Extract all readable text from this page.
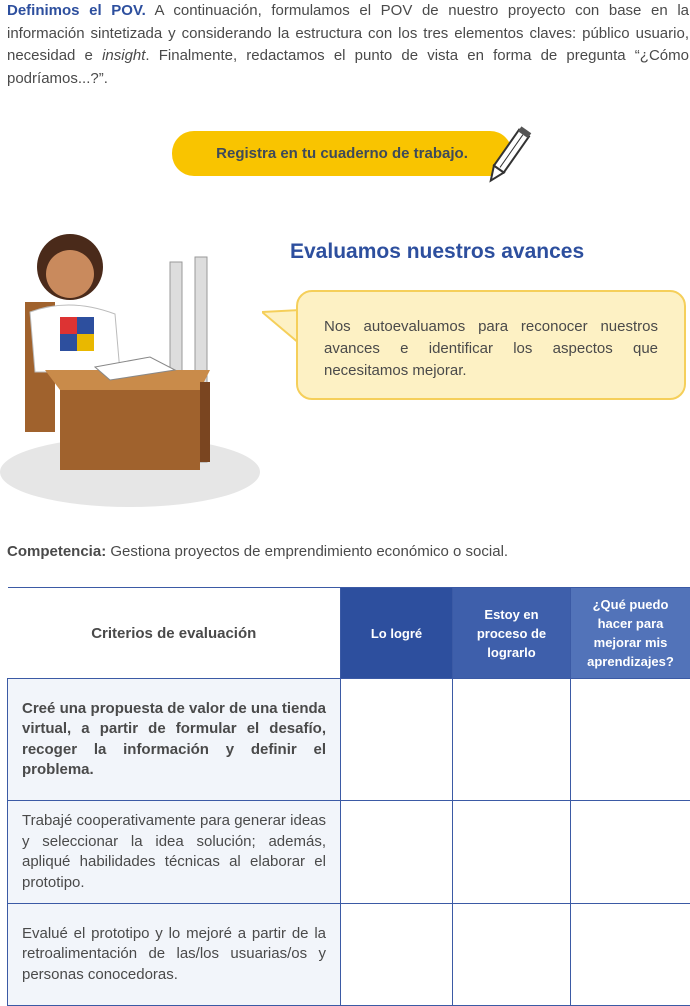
Definimos el POV. A continuación, formulamos el POV de nuestro proyecto con base en la información sintetizada y considerando la estructura con los tres elementos claves: público usuario, necesidad e insight. Finalmente, redactamos el punto de vista en forma de pregunta “¿Cómo podríamos...?”.

Registra en tu cuaderno de trabajo.
Evaluamos nuestros avances
Nos autoevaluamos para reconocer nuestros avances e identificar los aspectos que necesitamos mejorar.
Competencia: Gestiona proyectos de emprendimiento económico o social.
Criterios de evaluación	Lo logré	Estoy en proceso de lograrlo	¿Qué puedo hacer para mejorar mis aprendizajes?
Creé una propuesta de valor de una tienda virtual, a partir de formular el desafío, recoger la información y definir el problema.			
Trabajé cooperativamente para generar ideas y seleccionar la idea solución; además, apliqué habilidades técnicas al elaborar el prototipo.			
Evalué el prototipo y lo mejoré a partir de la retroalimentación de las/los usuarias/os y personas conocedoras.			
